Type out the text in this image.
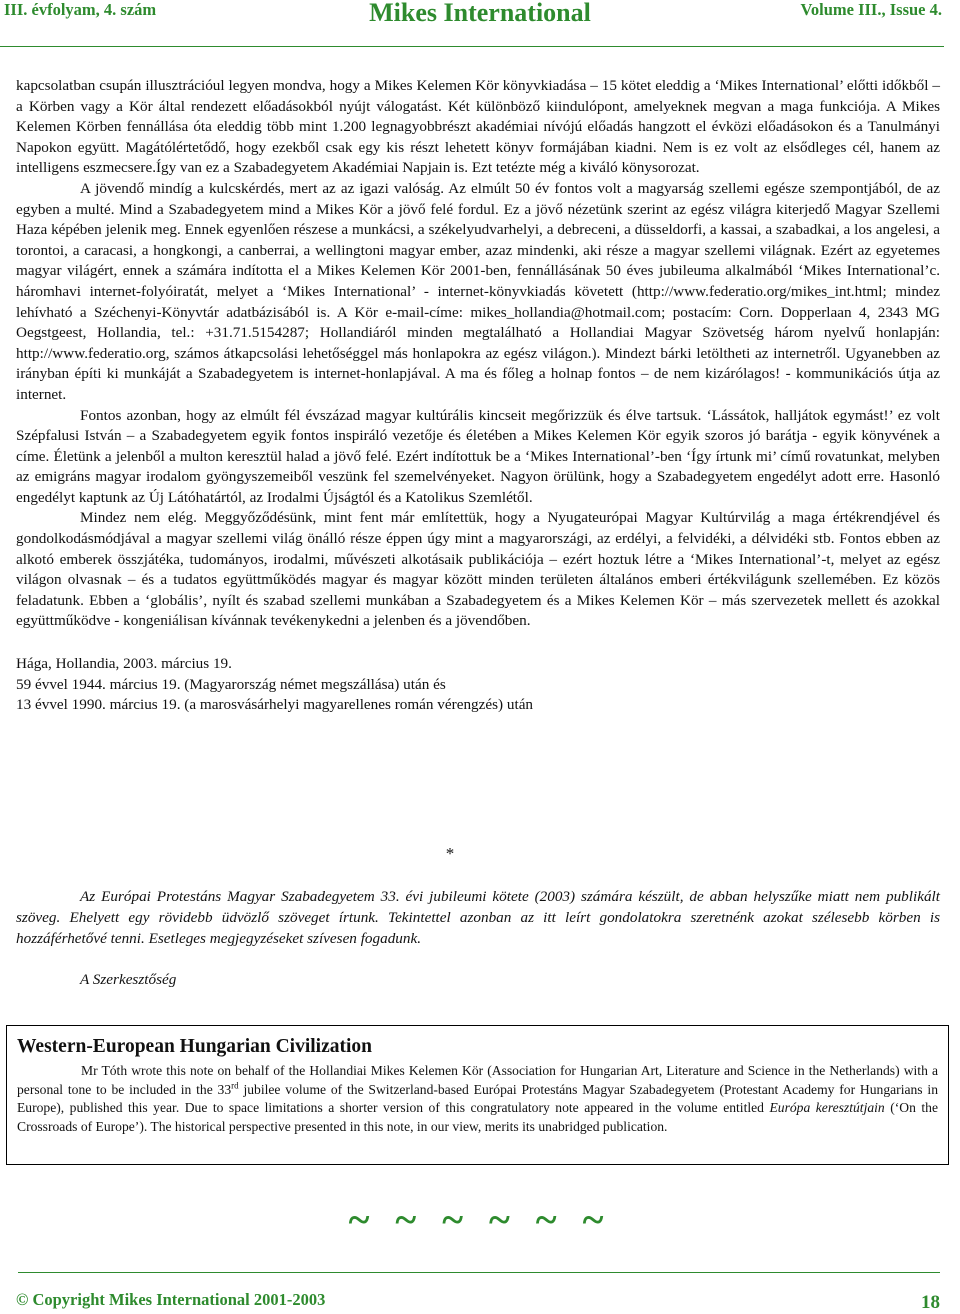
III. évfolyam, 4. szám	Mikes International	Volume III., Issue 4.

kapcsolatban csupán illusztrációul legyen mondva, hogy a Mikes Kelemen Kör könyvkiadása – 15 kötet eleddig a ‘Mikes International’ előtti időkből – a Körben vagy a Kör által rendezett előadásokból nyújt válogatást. Két különböző kiindulópont, amelyeknek megvan a maga funkciója. A Mikes Kelemen Körben fennállása óta eleddig több mint 1.200 legnagyobbrészt akadémiai nívójú előadás hangzott el évközi előadásokon és a Tanulmányi Napokon együtt. Magátólértetődő, hogy ezekből csak egy kis részt lehetett könyv formájában kiadni. Nem is ez volt az elsődleges cél, hanem az intelligens eszmecsere.Így van ez a Szabadegyetem Akadémiai Napjain is. Ezt tetézte még a kiváló könysorozat.

A jövendő mindíg a kulcskérdés, mert az az igazi valóság. Az elmúlt 50 év fontos volt a magyarság szellemi egésze szempontjából, de az egyben a multé. Mind a Szabadegyetem mind a Mikes Kör a jövő felé fordul. Ez a jövő nézetünk szerint az egész világra kiterjedő Magyar Szellemi Haza képében jelenik meg. Ennek egyenlően részese a munkácsi, a székelyudvarhelyi, a debreceni, a düsseldorfi, a kassai, a szabadkai, a los angelesi, a torontoi, a caracasi, a hongkongi, a canberrai, a wellingtoni magyar ember, azaz mindenki, aki része a magyar szellemi világnak. Ezért az egyetemes magyar világért, ennek a számára indította el a Mikes Kelemen Kör 2001-ben, fennállásának 50 éves jubileuma alkalmából ‘Mikes International’c. háromhavi internet-folyóiratát, melyet a ‘Mikes International’ - internet-könyvkiadás követett (http://www.federatio.org/mikes_int.html; mindez lehívható a Széchenyi-Könyvtár adatbázisából is. A Kör e-mail-címe: mikes_hollandia@hotmail.com; postacím: Corn. Dopperlaan 4, 2343 MG Oegstgeest, Hollandia, tel.: +31.71.5154287; Hollandiáról minden megtalálható a Hollandiai Magyar Szövetség három nyelvű honlapján: http://www.federatio.org, számos átkapcsolási lehetőséggel más honlapokra az egész világon.). Mindezt bárki letöltheti az internetről. Ugyanebben az irányban építi ki munkáját a Szabadegyetem is internet-honlapjával. A ma és főleg a holnap fontos – de nem kizárólagos! - kommunikációs útja az internet.

Fontos azonban, hogy az elmúlt fél évszázad magyar kultúrális kincseit megőrizzük és élve tartsuk. ‘Lássátok, halljátok egymást!’ ez volt Szépfalusi István – a Szabadegyetem egyik fontos inspiráló vezetője és életében a Mikes Kelemen Kör egyik szoros jó barátja - egyik könyvének a címe. Életünk a jelenből a multon keresztül halad a jövő felé. Ezért indítottuk be a ‘Mikes International’-ben ‘Így írtunk mi’ című rovatunkat, melyben az emigráns magyar irodalom gyöngyszemeiből veszünk fel szemelvényeket. Nagyon örülünk, hogy a Szabadegyetem engedélyt adott erre. Hasonló engedélyt kaptunk az Új Látóhatártól, az Irodalmi Újságtól és a Katolikus Szemlétől.

Mindez nem elég. Meggyőződésünk, mint fent már említettük, hogy a Nyugateurópai Magyar Kultúrvilág a maga értékrendjével és gondolkodásmódjával a magyar szellemi világ önálló része éppen úgy mint a magyarországi, az erdélyi, a felvidéki, a délvidéki stb. Fontos ebben az alkotó emberek összjátéka, tudományos, irodalmi, művészeti alkotásaik publikációja – ezért hoztuk létre a ‘Mikes International’-t, melyet az egész világon olvasnak – és a tudatos együttműködés magyar és magyar között minden területen általános emberi értékvilágunk szellemében. Ez közös feladatunk. Ebben a ‘globális’, nyílt és szabad szellemi munkában a Szabadegyetem és a Mikes Kelemen Kör – más szervezetek mellett és azokkal együttműködve - kongeniálisan kívánnak tevékenykedni a jelenben és a jövendőben.

Hága, Hollandia, 2003. március 19.

59 évvel 1944. március 19. (Magyarország német megszállása) után és

13 évvel 1990. március 19. (a marosvásárhelyi magyarellenes román vérengzés) után

*

Az Európai Protestáns Magyar Szabadegyetem 33. évi jubileumi kötete (2003) számára készült, de abban helyszűke miatt nem publikált szöveg. Ehelyett egy rövidebb üdvözlő szöveget írtunk. Tekintettel azonban az itt leírt gondolatokra szeretnénk azokat szélesebb körben is hozzáférhetővé tenni. Esetleges megjegyzéseket szívesen fogadunk.

A Szerkesztőség

Western-European Hungarian Civilization

Mr Tóth wrote this note on behalf of the Hollandiai Mikes Kelemen Kör (Association for Hungarian Art, Literature and Science in the Netherlands) with a personal tone to be included in the 33rd jubilee volume of the Switzerland-based Európai Protestáns Magyar Szabadegyetem (Protestant Academy for Hungarians in Europe), published this year. Due to space limitations a shorter version of this congratulatory note appeared in the volume entitled Európa keresztútjain (‘On the Crossroads of Europe’). The historical perspective presented in this note, in our view, merits its unabridged publication.

~ ~ ~ ~ ~ ~
© Copyright Mikes International 2001-2003	18
